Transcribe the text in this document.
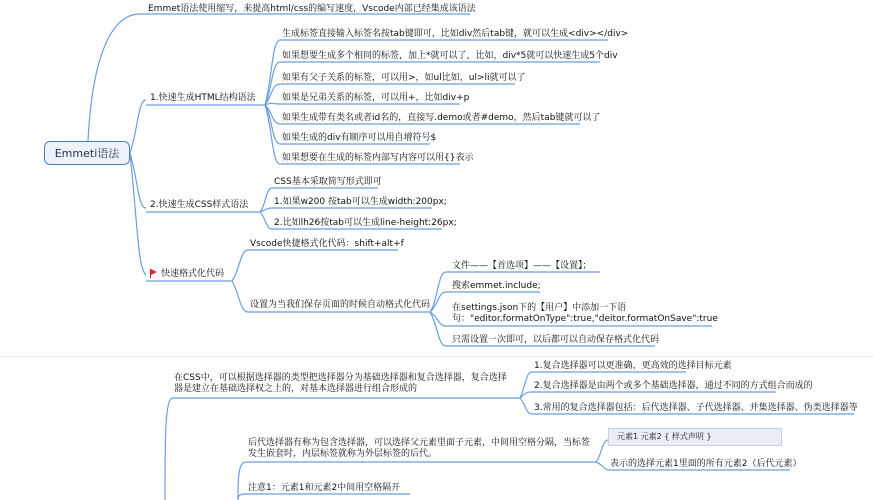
Emmet语法使用缩写，来提高html/css的编写速度，Vscode内部已经集成该语法
Emmeti语法
1.快速生成HTML结构语法
生成标签直接输入标签名按tab键即可，比如div然后tab键，就可以生成<div></div>
如果想要生成多个相同的标签，加上*就可以了，比如，div*5就可以快速生成5个div
如果有父子关系的标签，可以用>，如ul比如，ul>li就可以了
如果是兄弟关系的标签，可以用+，比如div+p
如果生成带有类名或者id名的，直接写.demo或者#demo，然后tab键就可以了
如果生成的div有顺序可以用自增符号$
如果想要在生成的标签内部写内容可以用{}表示
2.快速生成CSS样式语法
CSS基本采取简写形式即可
1.如果w200 按tab可以生成width:200px;
2.比如lh26按tab可以生成line-height:26px;
快速格式化代码
Vscode快捷格式化代码：shift+alt+f
设置为当我们保存页面的时候自动格式化代码
文件——【首选项】——【设置】；
搜索emmet.include;
在settings.json下的【用户】中添加一下语句："editor.formatOnType":true,"deitor.formatOnSave":true
只需设置一次即可，以后都可以自动保存格式化代码
在CSS中，可以根据选择器的类型把选择器分为基础选择器和复合选择器，复合选择器是建立在基础选择权之上的，对基本选择器进行组合形成的
1.复合选择器可以更准确，更高效的选择目标元素
2.复合选择器是由两个或多个基础选择器，通过不同的方式组合而成的
3.常用的复合选择器包括：后代选择器、子代选择器、并集选择器、伪类选择器等
后代选择器有称为包含选择器，可以选择父元素里面子元素，中间用空格分隔，当标签发生嵌套时，内层标签就称为外层标签的后代。
元素1 元素2 { 样式声明 }
表示的选择元素1里面的所有元素2（后代元素）
注意1：元素1和元素2中间用空格隔开
